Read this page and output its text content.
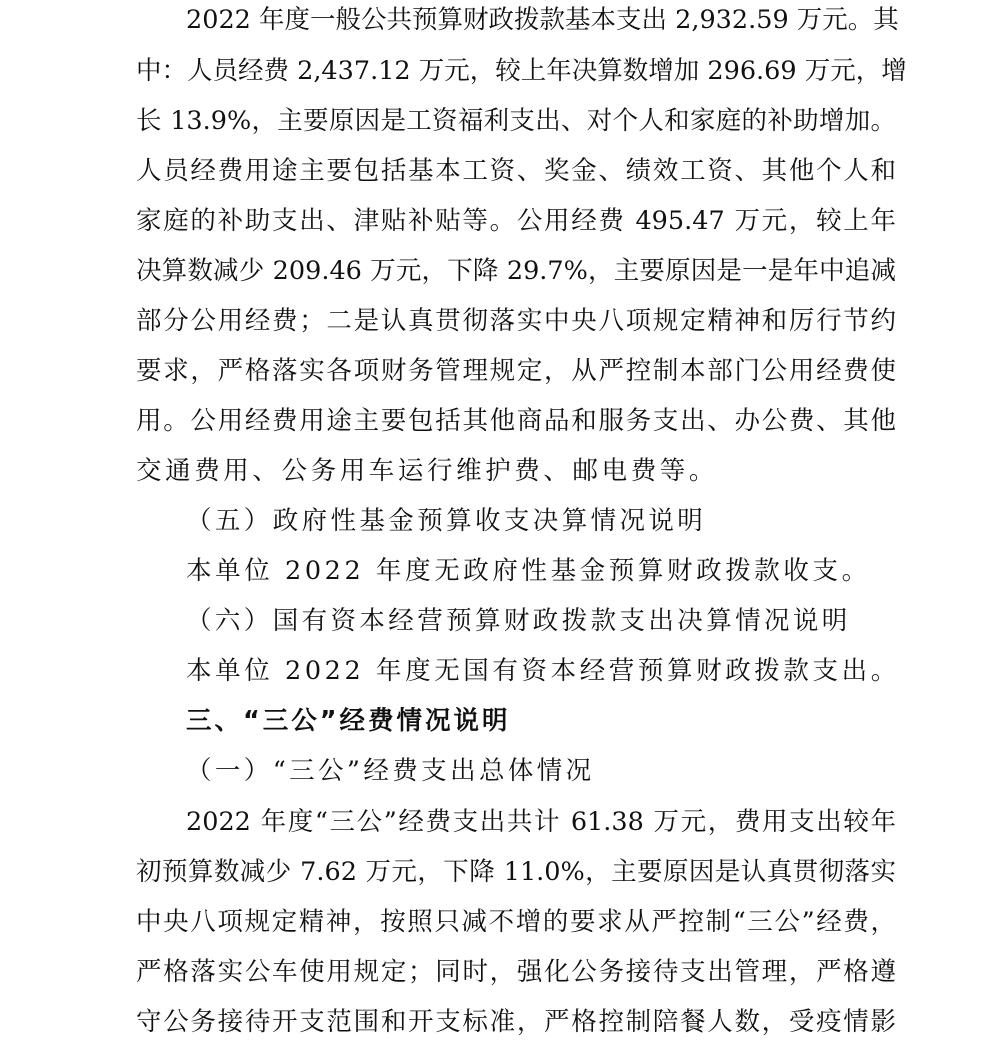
2022 年度一般公共预算财政拨款基本支出 2,932.59 万元。其
中：人员经费 2,437.12 万元，较上年决算数增加 296.69 万元，增
长 13.9%，主要原因是工资福利支出、对个人和家庭的补助增加。
人员经费用途主要包括基本工资、奖金、绩效工资、其他个人和
家庭的补助支出、津贴补贴等。公用经费 495.47 万元，较上年
决算数减少 209.46 万元，下降 29.7%，主要原因是一是年中追减
部分公用经费；二是认真贯彻落实中央八项规定精神和厉行节约
要求，严格落实各项财务管理规定，从严控制本部门公用经费使
用。公用经费用途主要包括其他商品和服务支出、办公费、其他
交通费用、公务用车运行维护费、邮电费等。
（五）政府性基金预算收支决算情况说明
本单位 2022 年度无政府性基金预算财政拨款收支。
（六）国有资本经营预算财政拨款支出决算情况说明
本单位 2022 年度无国有资本经营预算财政拨款支出。
三、“三公”经费情况说明
（一）“三公”经费支出总体情况
2022 年度“三公”经费支出共计 61.38 万元，费用支出较年
初预算数减少 7.62 万元，下降 11.0%，主要原因是认真贯彻落实
中央八项规定精神，按照只减不增的要求从严控制“三公”经费，
严格落实公车使用规定；同时，强化公务接待支出管理，严格遵
守公务接待开支范围和开支标准，严格控制陪餐人数，受疫情影
